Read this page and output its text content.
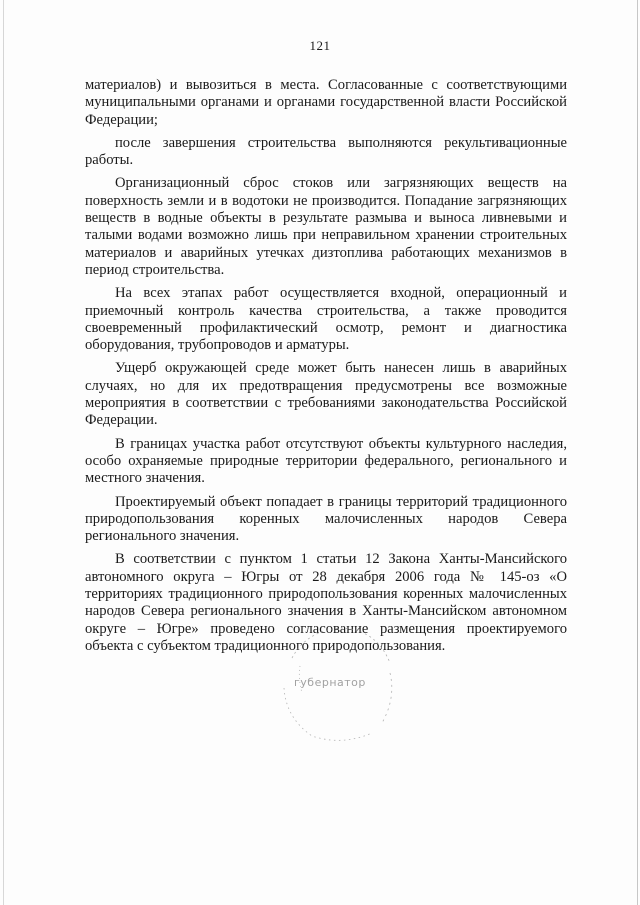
121

материалов) и вывозиться в места. Согласованные с соответствующими муниципальными органами и органами государственной власти Российской Федерации;

после завершения строительства выполняются рекультивационные работы.

Организационный сброс стоков или загрязняющих веществ на поверхность земли и в водотоки не производится. Попадание загрязняющих веществ в водные объекты в результате размыва и выноса ливневыми и талыми водами возможно лишь при неправильном хранении строительных материалов и аварийных утечках дизтоплива работающих механизмов в период строительства.

На всех этапах работ осуществляется входной, операционный и приемочный контроль качества строительства, а также проводится своевременный профилактический осмотр, ремонт и диагностика оборудования, трубопроводов и арматуры.

Ущерб окружающей среде может быть нанесен лишь в аварийных случаях, но для их предотвращения предусмотрены все возможные мероприятия в соответствии с требованиями законодательства Российской Федерации.

В границах участка работ отсутствуют объекты культурного наследия, особо охраняемые природные территории федерального, регионального и местного значения.

Проектируемый объект попадает в границы территорий традиционного природопользования коренных малочисленных народов Севера регионального значения.

В соответствии с пунктом 1 статьи 12 Закона Ханты-Мансийского автономного округа – Югры от 28 декабря 2006 года № 145-оз «О территориях традиционного природопользования коренных малочисленных народов Севера регионального значения в Ханты-Мансийском автономном округе – Югре» проведено согласование размещения проектируемого объекта с субъектом традиционного природопользования.

губернатор
